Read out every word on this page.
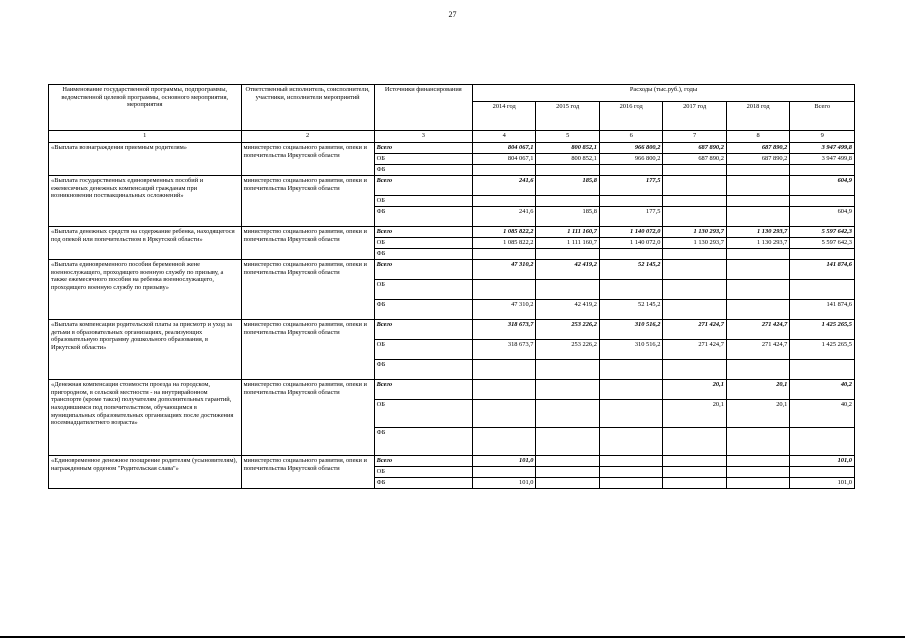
27
Наименование государственной программы, подпрограммы, ведомственной целевой программы, основного мероприятия, мероприятия	Ответственный исполнитель, соисполнители, участники, исполнители мероприятий	Источники финансирования	Расходы (тыс.руб.), годы					
			2014 год	2015 год	2016 год	2017 год	2018 год	Всего
1	2	3	4	5	6	7	8	9
«Выплата вознаграждения приемным родителям»	министерство социального развития, опеки и попечительства Иркутской области	Всего	804 067,1	800 852,1	966 800,2	687 890,2	687 890,2	3 947 499,8
		ОБ	804 067,1	800 852,1	966 800,2	687 890,2	687 890,2	3 947 499,8
		ФБ						
«Выплата государственных единовременных пособий и ежемесячных денежных компенсаций гражданам при возникновении поствакцинальных осложнений»	министерство социального развития, опеки и попечительства Иркутской области	Всего	241,6	185,8	177,5			604,9
		ОБ						
		ФБ	241,6	185,8	177,5			604,9
«Выплата денежных средств на содержание ребенка, находящегося под опекой или попечительством в Иркутской области»	министерство социального развития, опеки и попечительства Иркутской области	Всего	1 085 822,2	1 111 160,7	1 140 072,0	1 130 293,7	1 130 293,7	5 597 642,3
		ОБ	1 085 822,2	1 111 160,7	1 140 072,0	1 130 293,7	1 130 293,7	5 597 642,3
		ФБ						
«Выплата единовременного пособия беременной жене военнослужащего, проходящего военную службу по призыву, а также ежемесячного пособия на ребенка военнослужащего, проходящего военную службу по призыву»	министерство социального развития, опеки и попечительства Иркутской области	Всего	47 310,2	42 419,2	52 145,2			141 874,6
		ОБ						
		ФБ	47 310,2	42 419,2	52 145,2			141 874,6
«Выплата компенсации родительской платы за присмотр и уход за детьми в образовательных организациях, реализующих образовательную программу дошкольного образования, в Иркутской области»	министерство социального развития, опеки и попечительства Иркутской области	Всего	318 673,7	253 226,2	310 516,2	271 424,7	271 424,7	1 425 265,5
		ОБ	318 673,7	253 226,2	310 516,2	271 424,7	271 424,7	1 425 265,5
		ФБ						
«Денежная компенсация стоимости проезда на городском, пригородном, в сельской местности - на внутрирайонном транспорте (кроме такси) получателям дополнительных гарантий, находившимся под попечительством, обучающимся в муниципальных образовательных организациях после достижения восемнадцатилетнего возраста»	министерство социального развития, опеки и попечительства Иркутской области	Всего				20,1	20,1	40,2
		ОБ				20,1	20,1	40,2
		ФБ						
«Единовременное денежное поощрение родителям (усыновителям), награжденным орденом "Родительская слава"»	министерство социального развития, опеки и попечительства Иркутской области	Всего	101,0					101,0
		ОБ						
		ФБ	101,0					101,0
